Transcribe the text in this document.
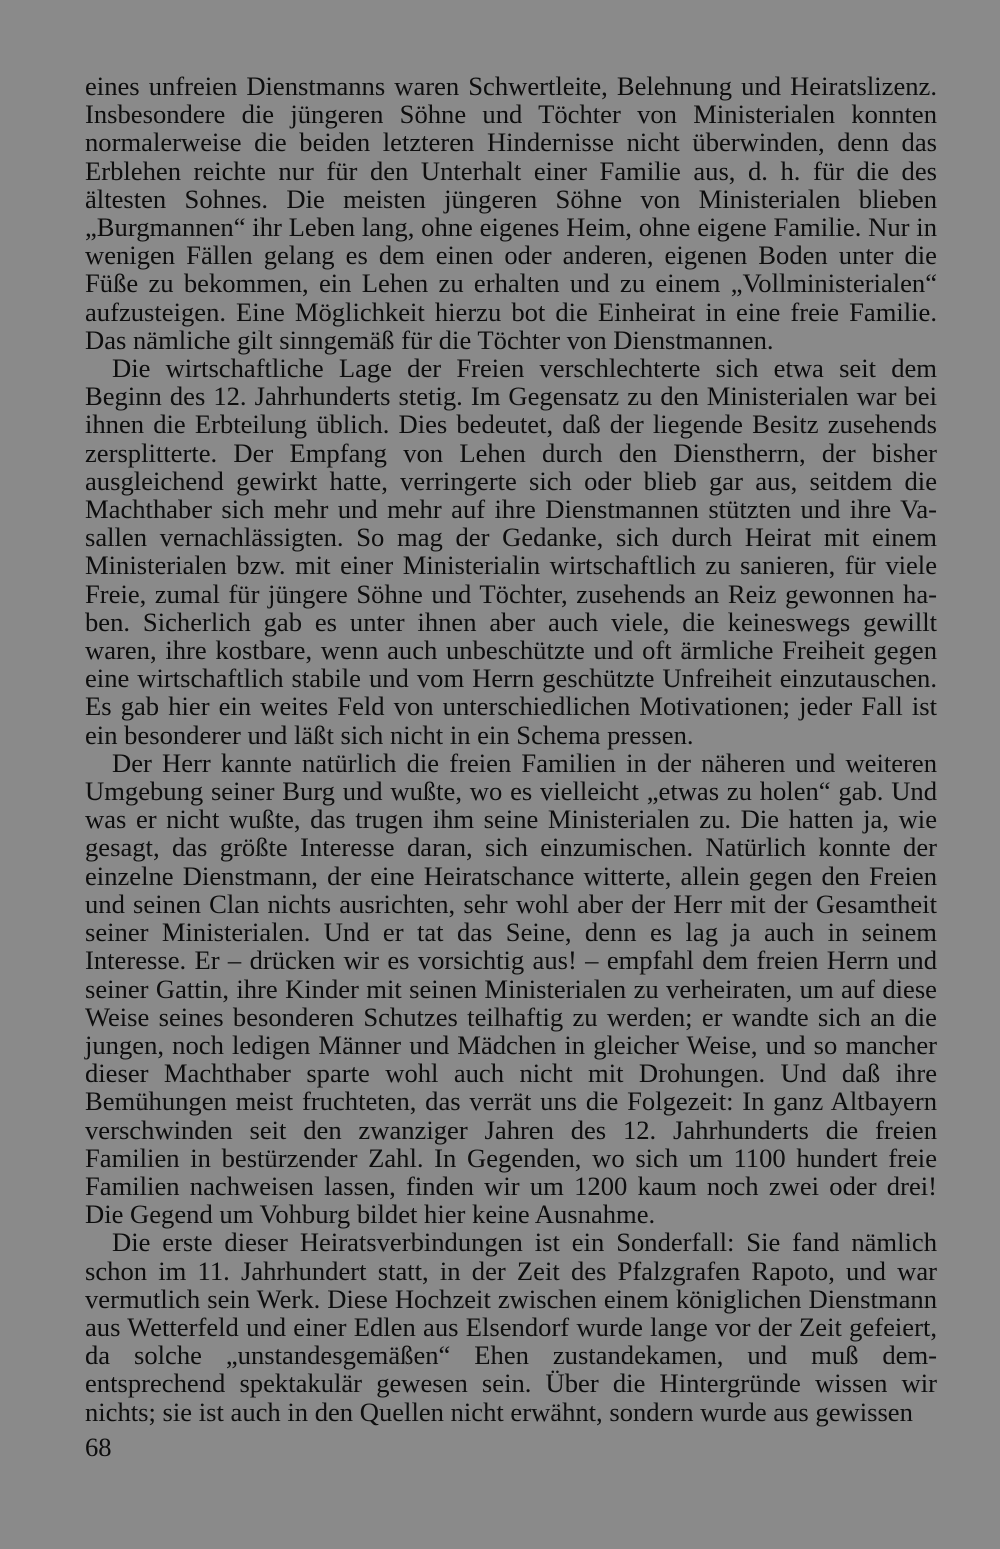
eines unfreien Dienstmanns waren Schwertleite, Belehnung und Heiratslizenz. Insbesondere die jüngeren Söhne und Töchter von Ministerialen konnten normalerweise die beiden letzteren Hindernisse nicht überwinden, denn das Erblehen reichte nur für den Unterhalt einer Familie aus, d. h. für die des ältesten Sohnes. Die meisten jüngeren Söhne von Ministerialen blieben „Burgmannen“ ihr Leben lang, ohne eigenes Heim, ohne eigene Familie. Nur in wenigen Fällen gelang es dem einen oder anderen, eigenen Boden unter die Füße zu bekommen, ein Lehen zu erhalten und zu einem „Vollministerialen“ aufzusteigen. Eine Möglichkeit hierzu bot die Einheirat in eine freie Familie. Das nämliche gilt sinngemäß für die Töchter von Dienstmannen.

Die wirtschaftliche Lage der Freien verschlechterte sich etwa seit dem Beginn des 12. Jahrhunderts stetig. Im Gegensatz zu den Ministerialen war bei ihnen die Erbteilung üblich. Dies bedeutet, daß der liegende Besitz zusehends zersplitterte. Der Empfang von Lehen durch den Dienstherrn, der bisher ausgleichend gewirkt hatte, verringerte sich oder blieb gar aus, seitdem die Machthaber sich mehr und mehr auf ihre Dienstmannen stützten und ihre Vasallen vernachlässigten. So mag der Gedanke, sich durch Heirat mit einem Ministerialen bzw. mit einer Ministerialin wirtschaftlich zu sanieren, für viele Freie, zumal für jüngere Söhne und Töchter, zusehends an Reiz gewonnen haben. Sicherlich gab es unter ihnen aber auch viele, die keineswegs gewillt waren, ihre kostbare, wenn auch unbeschützte und oft ärmliche Freiheit gegen eine wirtschaftlich stabile und vom Herrn geschützte Unfreiheit einzutauschen. Es gab hier ein weites Feld von unterschiedlichen Motivationen; jeder Fall ist ein besonderer und läßt sich nicht in ein Schema pressen.

Der Herr kannte natürlich die freien Familien in der näheren und weiteren Umgebung seiner Burg und wußte, wo es vielleicht „etwas zu holen“ gab. Und was er nicht wußte, das trugen ihm seine Ministerialen zu. Die hatten ja, wie gesagt, das größte Interesse daran, sich einzumischen. Natürlich konnte der einzelne Dienstmann, der eine Heiratschance witterte, allein gegen den Freien und seinen Clan nichts ausrichten, sehr wohl aber der Herr mit der Gesamtheit seiner Ministerialen. Und er tat das Seine, denn es lag ja auch in seinem Interesse. Er – drücken wir es vorsichtig aus! – empfahl dem freien Herrn und seiner Gattin, ihre Kinder mit seinen Ministerialen zu verheiraten, um auf diese Weise seines besonderen Schutzes teilhaftig zu werden; er wandte sich an die jungen, noch ledigen Männer und Mädchen in gleicher Weise, und so mancher dieser Machthaber sparte wohl auch nicht mit Drohungen. Und daß ihre Bemühungen meist fruchteten, das verrät uns die Folgezeit: In ganz Altbayern verschwinden seit den zwanziger Jahren des 12. Jahrhunderts die freien Familien in bestürzender Zahl. In Gegenden, wo sich um 1100 hundert freie Familien nachweisen lassen, finden wir um 1200 kaum noch zwei oder drei! Die Gegend um Vohburg bildet hier keine Ausnahme.

Die erste dieser Heiratsverbindungen ist ein Sonderfall: Sie fand nämlich schon im 11. Jahrhundert statt, in der Zeit des Pfalzgrafen Rapoto, und war vermutlich sein Werk. Diese Hochzeit zwischen einem königlichen Dienstmann aus Wetterfeld und einer Edlen aus Elsendorf wurde lange vor der Zeit gefeiert, da solche „unstandesgemäßen“ Ehen zustandekamen, und muß dementsprechend spektakulär gewesen sein. Über die Hintergründe wissen wir nichts; sie ist auch in den Quellen nicht erwähnt, sondern wurde aus gewissen

68
